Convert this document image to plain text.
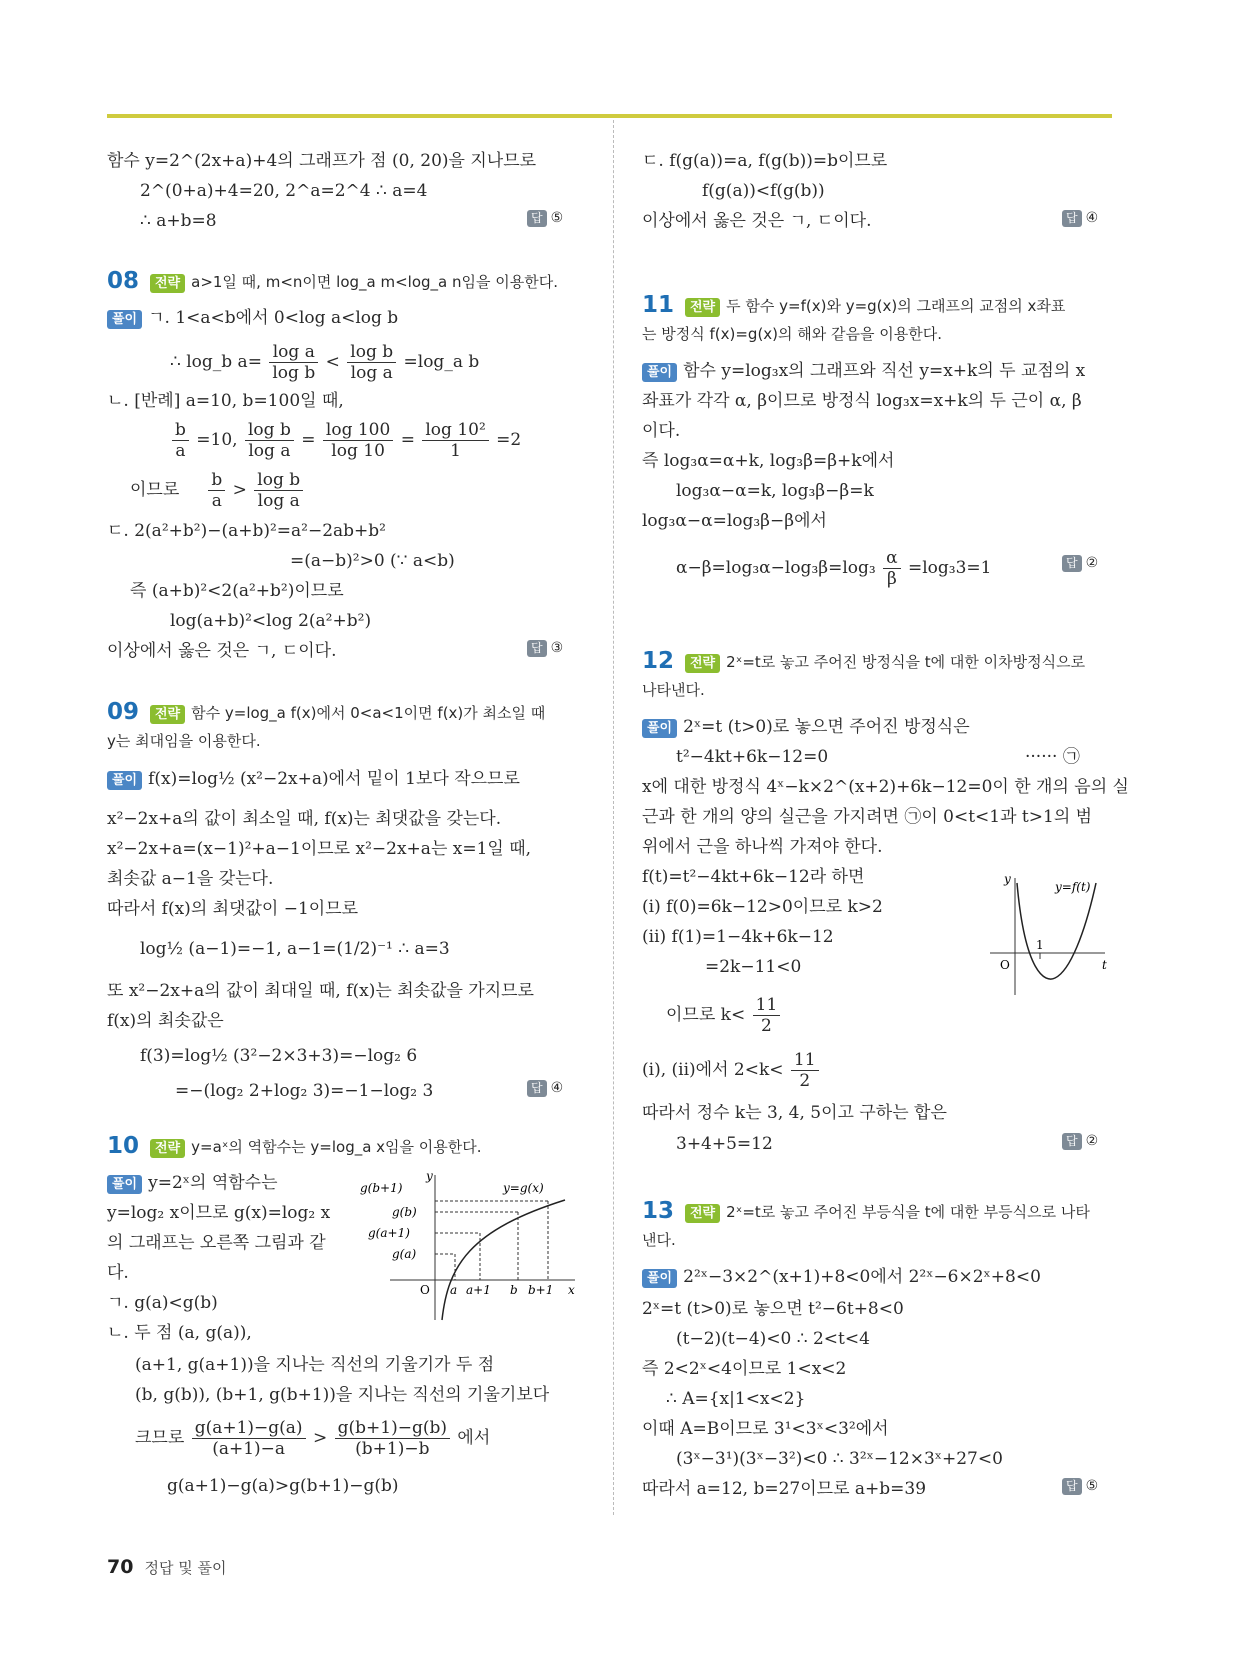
함수 y=2^(2x+a)+4의 그래프가 점 (0, 20)을 지나므로
2^(0+a)+4=20, 2^a=2^4 ∴ a=4
∴ a+b=8	답 ⑤
08	전략 a>1일 때, m<n이면 log_a m<log_a n임을 이용한다.
풀이 ㄱ. 1<a<b에서 0<log a<log b
∴ log_b $a= \frac{\text{log a}}{\text{log b}} < \frac{\text{log b}}{\text{log a}}$ =log_a b
ㄴ. [반례] a=10, b=100일 때,
$\frac{b}{a} =10$, $\frac{\text{log b}}{\text{log a}} = \frac{\log 100}{\log 10} = \frac{\text{log 10²}}{1} =2$
이므로 $\frac{b}{a} > \frac{\text{log b}}{\text{log a}}$
ㄷ. 2(a²+b²)−(a+b)²=a²−2ab+b²
=(a−b)²>0 (∵ a<b)
즉 (a+b)²<2(a²+b²)이므로
log(a+b)²<log 2(a²+b²)
이상에서 옳은 것은 ㄱ, ㄷ이다.	답 ③
09	전략 함수 y=log_a f(x)에서 0<a<1이면 f(x)가 최소일 때
y는 최대임을 이용한다.
풀이 f(x)=log½ (x²−2x+a)에서 밑이 1보다 작으므로
x²−2x+a의 값이 최소일 때, f(x)는 최댓값을 갖는다.
x²−2x+a=(x−1)²+a−1이므로 x²−2x+a는 x=1일 때,
최솟값 a−1을 갖는다.
따라서 f(x)의 최댓값이 −1이므로
log½ (a−1)=−1, a−1=(1/2)⁻¹ ∴ a=3
또 x²−2x+a의 값이 최대일 때, f(x)는 최솟값을 가지므로
f(x)의 최솟값은
f(3)=log½ (3²−2×3+3)=−log₂ 6
=−(log₂ 2+log₂ 3)=−1−log₂ 3	답 ④
10	전략 y=aˣ의 역함수는 y=log_a x임을 이용한다.
풀이 y=2ˣ의 역함수는
y=log₂ x이므로 g(x)=log₂ x
의 그래프는 오른쪽 그림과 같
다.
ㄱ. g(a)<g(b)
ㄴ. 두 점 (a, g(a)),
(a+1, g(a+1))을 지나는 직선의 기울기가 두 점
(b, g(b)), (b+1, g(b+1))을 지나는 직선의 기울기보다
크므로 $\frac{g(a+1)-g(a)}{(a+1)-a} > \frac{g(b+1)-g(b)}{(b+1)-b}$ 에서
g(a+1)−g(a)>g(b+1)−g(b)
y
x
O
y=g(x)
g(b+1)
g(b)
g(a+1)
g(a)
a a+1 b b+1
ㄷ. f(g(a))=a, f(g(b))=b이므로
f(g(a))<f(g(b))
이상에서 옳은 것은 ㄱ, ㄷ이다.	답 ④
11	전략 두 함수 y=f(x)와 y=g(x)의 그래프의 교점의 x좌표
는 방정식 f(x)=g(x)의 해와 같음을 이용한다.
풀이 함수 y=log₃x의 그래프와 직선 y=x+k의 두 교점의 x
좌표가 각각 α, β이므로 방정식 log₃x=x+k의 두 근이 α, β
이다.
즉 log₃α=α+k, log₃β=β+k에서
log₃α−α=k, log₃β−β=k
log₃α−α=log₃β−β에서
$\alpha-\beta=\log_3\alpha-\log_3\beta=\log_3 \frac{\alpha}{\beta} =\log_33=1$	답 ②
12	전략 2ˣ=t로 놓고 주어진 방정식을 t에 대한 이차방정식으로
나타낸다.
풀이 2ˣ=t (t>0)로 놓으면 주어진 방정식은
t²−4kt+6k−12=0	······ ㉠
x에 대한 방정식 4ˣ−k×2^(x+2)+6k−12=0이 한 개의 음의 실
근과 한 개의 양의 실근을 가지려면 ㉠이 0<t<1과 t>1의 범
위에서 근을 하나씩 가져야 한다.
f(t)=t²−4kt+6k−12라 하면
(i) f(0)=6k−12>0이므로 k>2
(ii) f(1)=1−4k+6k−12
=2k−11<0
이므로 $k< \frac{11}{2}$
(i), (ii)에서 $2<k< \frac{11}{2}$
따라서 정수 k는 3, 4, 5이고 구하는 합은
3+4+5=12	답 ②
y
t
O
1
y=f(t)
13	전략 2ˣ=t로 놓고 주어진 부등식을 t에 대한 부등식으로 나타
낸다.
풀이 2²ˣ−3×2^(x+1)+8<0에서 2²ˣ−6×2ˣ+8<0
2ˣ=t (t>0)로 놓으면 t²−6t+8<0
(t−2)(t−4)<0 ∴ 2<t<4
즉 2<2ˣ<4이므로 1<x<2
∴ A={x|1<x<2}
이때 A=B이므로 3¹<3ˣ<3²에서
(3ˣ−3¹)(3ˣ−3²)<0 ∴ 3²ˣ−12×3ˣ+27<0
따라서 a=12, b=27이므로 a+b=39	답 ⑤
70 정답 및 풀이
